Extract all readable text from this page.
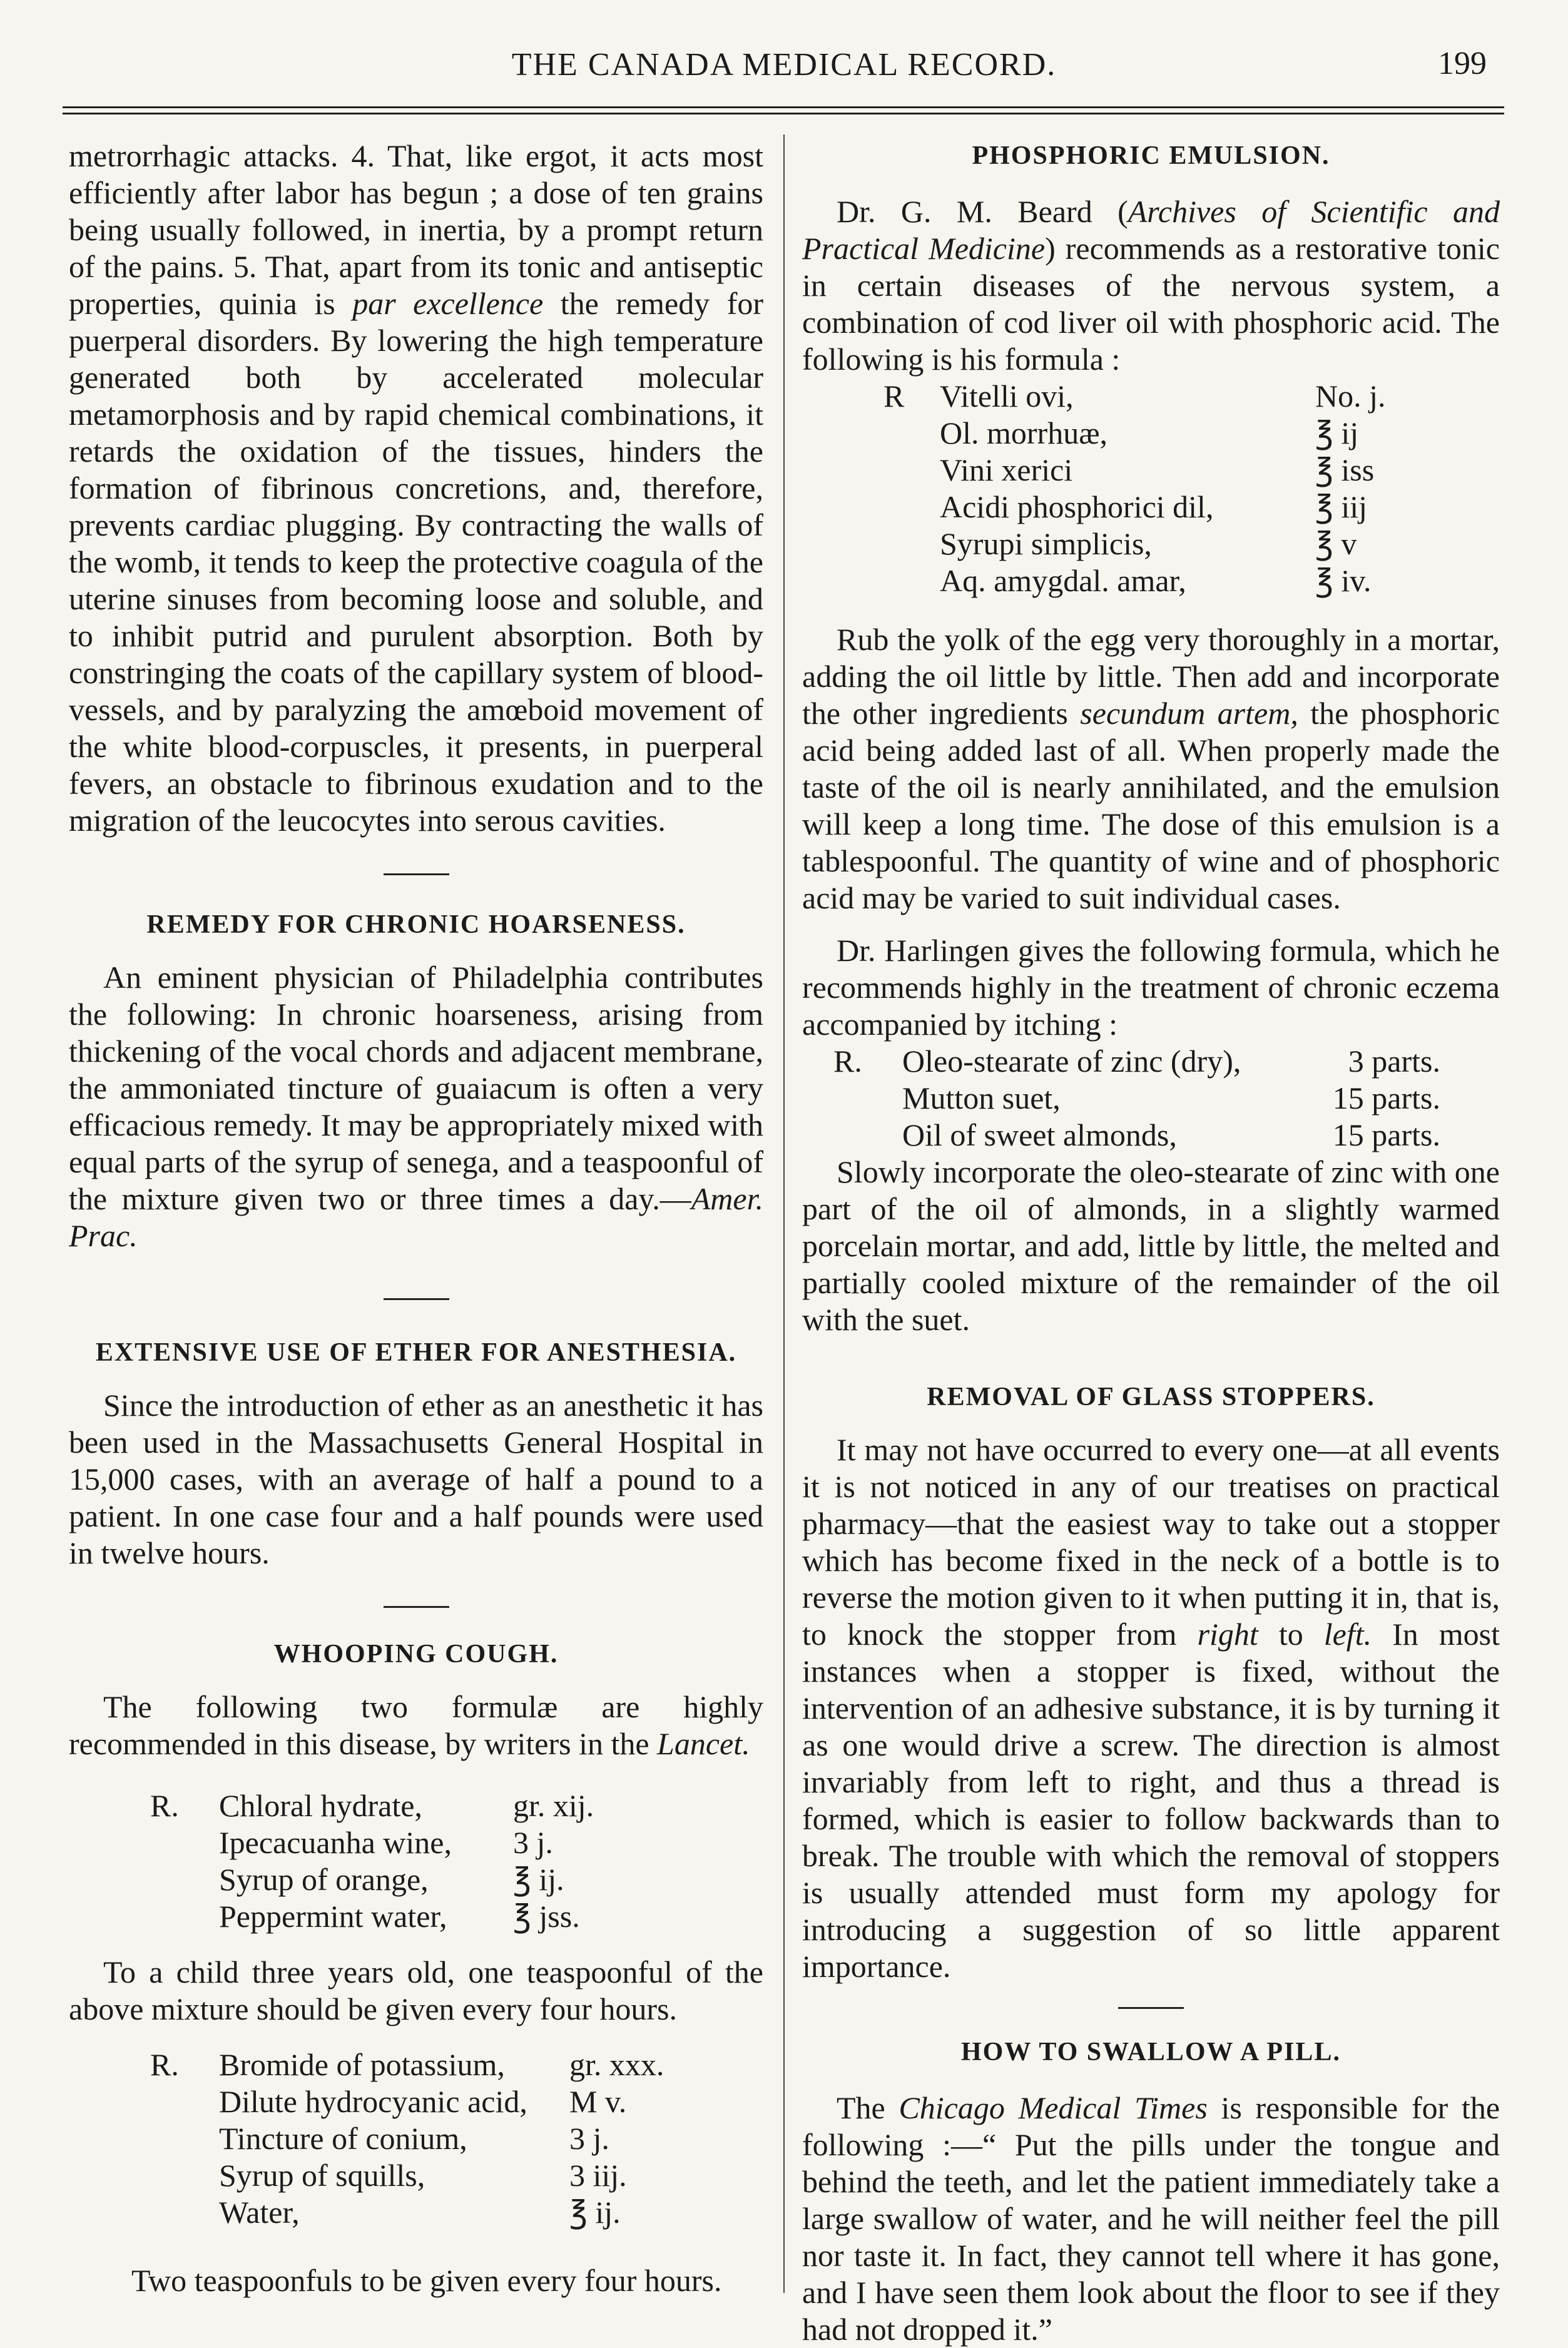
THE CANADA MEDICAL RECORD.	199

metrorrhagic attacks. 4. That, like ergot, it acts most efficiently after labor has begun ; a dose of ten grains being usually followed, in inertia, by a prompt return of the pains. 5. That, apart from its tonic and antiseptic properties, quinia is par excellence the remedy for puerperal disorders. By lowering the high temperature generated both by accelerated molecular metamorphosis and by rapid chemical combinations, it retards the oxidation of the tissues, hinders the formation of fibrinous concretions, and, therefore, prevents cardiac plugging. By contracting the walls of the womb, it tends to keep the protective coagula of the uterine sinuses from becoming loose and soluble, and to inhibit putrid and purulent absorption. Both by constringing the coats of the capillary system of blood-vessels, and by paralyzing the amœboid movement of the white blood-corpuscles, it presents, in puerperal fevers, an obstacle to fibrinous exudation and to the migration of the leucocytes into serous cavities.

REMEDY FOR CHRONIC HOARSENESS.

An eminent physician of Philadelphia contributes the following: In chronic hoarseness, arising from thickening of the vocal chords and adjacent membrane, the ammoniated tincture of guaiacum is often a very efficacious remedy. It may be appropriately mixed with equal parts of the syrup of senega, and a teaspoonful of the mixture given two or three times a day.—Amer. Prac.

EXTENSIVE USE OF ETHER FOR ANESTHESIA.

Since the introduction of ether as an anesthetic it has been used in the Massachusetts General Hospital in 15,000 cases, with an average of half a pound to a patient. In one case four and a half pounds were used in twelve hours.

WHOOPING COUGH.

The following two formulæ are highly recommended in this disease, by writers in the Lancet.

R.	Chloral hydrate,	gr. xij.
	Ipecacuanha wine,	3 j.
	Syrup of orange,	℥ ij.
	Peppermint water,	℥ jss.

To a child three years old, one teaspoonful of the above mixture should be given every four hours.

R.	Bromide of potassium,	gr. xxx.
	Dilute hydrocyanic acid,	M v.
	Tincture of conium,	3 j.
	Syrup of squills,	3 iij.
	Water,	℥ ij.

Two teaspoonfuls to be given every four hours.

PHOSPHORIC EMULSION.

Dr. G. M. Beard (Archives of Scientific and Practical Medicine) recommends as a restorative tonic in certain diseases of the nervous system, a combination of cod liver oil with phosphoric acid. The following is his formula :

R	Vitelli ovi,	No. j.
	Ol. morrhuæ,	℥ ij
	Vini xerici	℥ iss
	Acidi phosphorici dil,	℥ iij
	Syrupi simplicis,	℥ v
	Aq. amygdal. amar,	℥ iv.

Rub the yolk of the egg very thoroughly in a mortar, adding the oil little by little. Then add and incorporate the other ingredients secundum artem, the phosphoric acid being added last of all. When properly made the taste of the oil is nearly annihilated, and the emulsion will keep a long time. The dose of this emulsion is a tablespoonful. The quantity of wine and of phosphoric acid may be varied to suit individual cases.

Dr. Harlingen gives the following formula, which he recommends highly in the treatment of chronic eczema accompanied by itching :

R.	Oleo-stearate of zinc (dry),	3 parts.
	Mutton suet,	15 parts.
	Oil of sweet almonds,	15 parts.

Slowly incorporate the oleo-stearate of zinc with one part of the oil of almonds, in a slightly warmed porcelain mortar, and add, little by little, the melted and partially cooled mixture of the remainder of the oil with the suet.

REMOVAL OF GLASS STOPPERS.

It may not have occurred to every one—at all events it is not noticed in any of our treatises on practical pharmacy—that the easiest way to take out a stopper which has become fixed in the neck of a bottle is to reverse the motion given to it when putting it in, that is, to knock the stopper from right to left. In most instances when a stopper is fixed, without the intervention of an adhesive substance, it is by turning it as one would drive a screw. The direction is almost invariably from left to right, and thus a thread is formed, which is easier to follow backwards than to break. The trouble with which the removal of stoppers is usually attended must form my apology for introducing a suggestion of so little apparent importance.

HOW TO SWALLOW A PILL.

The Chicago Medical Times is responsible for the following :—“ Put the pills under the tongue and behind the teeth, and let the patient immediately take a large swallow of water, and he will neither feel the pill nor taste it. In fact, they cannot tell where it has gone, and I have seen them look about the floor to see if they had not dropped it.”
